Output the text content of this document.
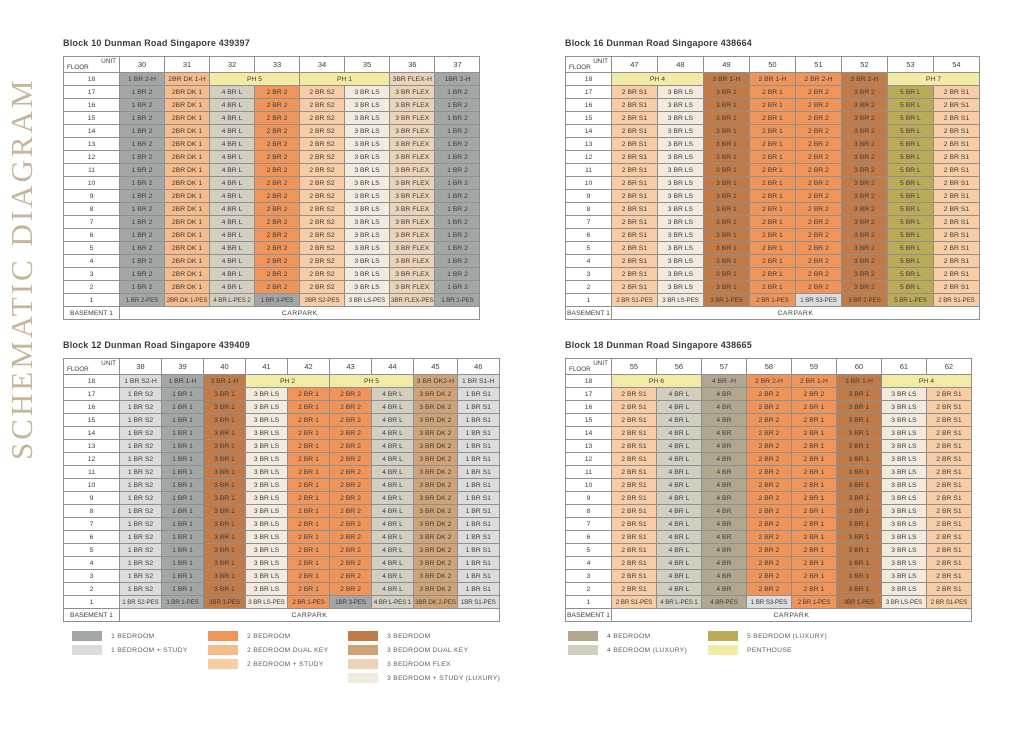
SCHEMATIC DIAGRAM
Block 10 Dunman Road Singapore 439397
UNIT
FLOOR	30	31	32	33	34	35	36	37
18	1 BR 2-H	2BR DK 1-H	PH 5		PH 1		3BR FLEX-H	1BR 2-H
17	1 BR 2	2BR DK 1	4 BR L	2 BR 2	2 BR S2	3 BR LS	3 BR FLEX	1 BR 2
16	1 BR 2	2BR DK 1	4 BR L	2 BR 2	2 BR S2	3 BR LS	3 BR FLEX	1 BR 2
15	1 BR 2	2BR DK 1	4 BR L	2 BR 2	2 BR S2	3 BR LS	3 BR FLEX	1 BR 2
14	1 BR 2	2BR DK 1	4 BR L	2 BR 2	2 BR S2	3 BR LS	3 BR FLEX	1 BR 2
13	1 BR 2	2BR DK 1	4 BR L	2 BR 2	2 BR S2	3 BR LS	3 BR FLEX	1 BR 2
12	1 BR 2	2BR DK 1	4 BR L	2 BR 2	2 BR S2	3 BR LS	3 BR FLEX	1 BR 2
11	1 BR 2	2BR DK 1	4 BR L	2 BR 2	2 BR S2	3 BR LS	3 BR FLEX	1 BR 2
10	1 BR 2	2BR DK 1	4 BR L	2 BR 2	2 BR S2	3 BR LS	3 BR FLEX	1 BR 2
9	1 BR 2	2BR DK 1	4 BR L	2 BR 2	2 BR S2	3 BR LS	3 BR FLEX	1 BR 2
8	1 BR 2	2BR DK 1	4 BR L	2 BR 2	2 BR S2	3 BR LS	3 BR FLEX	1 BR 2
7	1 BR 2	2BR DK 1	4 BR L	2 BR 2	2 BR S2	3 BR LS	3 BR FLEX	1 BR 2
6	1 BR 2	2BR DK 1	4 BR L	2 BR 2	2 BR S2	3 BR LS	3 BR FLEX	1 BR 2
5	1 BR 2	2BR DK 1	4 BR L	2 BR 2	2 BR S2	3 BR LS	3 BR FLEX	1 BR 2
4	1 BR 2	2BR DK 1	4 BR L	2 BR 2	2 BR S2	3 BR LS	3 BR FLEX	1 BR 2
3	1 BR 2	2BR DK 1	4 BR L	2 BR 2	2 BR S2	3 BR LS	3 BR FLEX	1 BR 2
2	1 BR 2	2BR DK 1	4 BR L	2 BR 2	2 BR S2	3 BR LS	3 BR FLEX	1 BR 2
1	1 BR 2-PES	2BR DK 1-PES	4 BR L-PES 2	1 BR 3-PES	2BR S2-PES	3 BR LS-PES	3BR FLEX-PES	1 BR 2-PES
BASEMENT 1	CARPARK							
Block 16 Dunman Road Singapore 438664
UNIT
FLOOR	47	48	49	50	51	52	53	54
18	PH 4		3 BR 1-H	2 BR 1-H	2 BR 2-H	3 BR 2-H	PH 7	
17	2 BR S1	3 BR LS	3 BR 1	2 BR 1	2 BR 2	3 BR 2	5 BR L	2 BR S1
16	2 BR S1	3 BR LS	3 BR 1	2 BR 1	2 BR 2	3 BR 2	5 BR L	2 BR S1
15	2 BR S1	3 BR LS	3 BR 1	2 BR 1	2 BR 2	3 BR 2	5 BR L	2 BR S1
14	2 BR S1	3 BR LS	3 BR 1	2 BR 1	2 BR 2	3 BR 2	5 BR L	2 BR S1
13	2 BR S1	3 BR LS	3 BR 1	2 BR 1	2 BR 2	3 BR 2	5 BR L	2 BR S1
12	2 BR S1	3 BR LS	3 BR 1	2 BR 1	2 BR 2	3 BR 2	5 BR L	2 BR S1
11	2 BR S1	3 BR LS	3 BR 1	2 BR 1	2 BR 2	3 BR 2	5 BR L	2 BR S1
10	2 BR S1	3 BR LS	3 BR 1	2 BR 1	2 BR 2	3 BR 2	5 BR L	2 BR S1
9	2 BR S1	3 BR LS	3 BR 1	2 BR 1	2 BR 2	3 BR 2	5 BR L	2 BR S1
8	2 BR S1	3 BR LS	3 BR 1	2 BR 1	2 BR 2	3 BR 2	5 BR L	2 BR S1
7	2 BR S1	3 BR LS	3 BR 1	2 BR 1	2 BR 2	3 BR 2	5 BR L	2 BR S1
6	2 BR S1	3 BR LS	3 BR 1	2 BR 1	2 BR 2	3 BR 2	5 BR L	2 BR S1
5	2 BR S1	3 BR LS	3 BR 1	2 BR 1	2 BR 2	3 BR 2	5 BR L	2 BR S1
4	2 BR S1	3 BR LS	3 BR 1	2 BR 1	2 BR 2	3 BR 2	5 BR L	2 BR S1
3	2 BR S1	3 BR LS	3 BR 1	2 BR 1	2 BR 2	3 BR 2	5 BR L	2 BR S1
2	2 BR S1	3 BR LS	3 BR 1	2 BR 1	2 BR 2	3 BR 2	5 BR L	2 BR S1
1	2 BR S1-PES	3 BR LS-PES	3 BR 1-PES	2 BR 1-PES	1 BR S3-PES	3 BR 2-PES	5 BR L-PES	2 BR S1-PES
BASEMENT 1	CARPARK							
Block 12 Dunman Road Singapore 439409
UNIT
FLOOR	38	39	40	41	42	43	44	45	46
18	1 BR S2-H	1 BR 1-H	3 BR 1-H	PH 2		PH 5		3 BR DK2-H	1 BR S1-H
17	1 BR S2	1 BR 1	3 BR 1	3 BR LS	2 BR 1	2 BR 2	4 BR L	3 BR DK 2	1 BR S1
16	1 BR S2	1 BR 1	3 BR 1	3 BR LS	2 BR 1	2 BR 2	4 BR L	3 BR DK 2	1 BR S1
15	1 BR S2	1 BR 1	3 BR 1	3 BR LS	2 BR 1	2 BR 2	4 BR L	3 BR DK 2	1 BR S1
14	1 BR S2	1 BR 1	3 BR 1	3 BR LS	2 BR 1	2 BR 2	4 BR L	3 BR DK 2	1 BR S1
13	1 BR S2	1 BR 1	3 BR 1	3 BR LS	2 BR 1	2 BR 2	4 BR L	3 BR DK 2	1 BR S1
12	1 BR S2	1 BR 1	3 BR 1	3 BR LS	2 BR 1	2 BR 2	4 BR L	3 BR DK 2	1 BR S1
11	1 BR S2	1 BR 1	3 BR 1	3 BR LS	2 BR 1	2 BR 2	4 BR L	3 BR DK 2	1 BR S1
10	1 BR S2	1 BR 1	3 BR 1	3 BR LS	2 BR 1	2 BR 2	4 BR L	3 BR DK 2	1 BR S1
9	1 BR S2	1 BR 1	3 BR 1	3 BR LS	2 BR 1	2 BR 2	4 BR L	3 BR DK 2	1 BR S1
8	1 BR S2	1 BR 1	3 BR 1	3 BR LS	2 BR 1	2 BR 2	4 BR L	3 BR DK 2	1 BR S1
7	1 BR S2	1 BR 1	3 BR 1	3 BR LS	2 BR 1	2 BR 2	4 BR L	3 BR DK 2	1 BR S1
6	1 BR S2	1 BR 1	3 BR 1	3 BR LS	2 BR 1	2 BR 2	4 BR L	3 BR DK 2	1 BR S1
5	1 BR S2	1 BR 1	3 BR 1	3 BR LS	2 BR 1	2 BR 2	4 BR L	3 BR DK 2	1 BR S1
4	1 BR S2	1 BR 1	3 BR 1	3 BR LS	2 BR 1	2 BR 2	4 BR L	3 BR DK 2	1 BR S1
3	1 BR S2	1 BR 1	3 BR 1	3 BR LS	2 BR 1	2 BR 2	4 BR L	3 BR DK 2	1 BR S1
2	1 BR S2	1 BR 1	3 BR 1	3 BR LS	2 BR 1	2 BR 2	4 BR L	3 BR DK 2	1 BR S1
1	1 BR S2-PES	1 BR 1-PES	3BR 1-PES	3 BR LS-PES	2 BR 1-PES	1BR 3-PES	4 BR L-PES 1	3BR DK 2-PES	1BR S1-PES
BASEMENT 1	CARPARK								
Block 18 Dunman Road Singapore 438665
UNIT
FLOOR	55	56	57	58	59	60	61	62
18	PH 6		4 BR -H	2 BR 2-H	2 BR 1-H	3 BR 1-H	PH 4	
17	2 BR S1	4 BR L	4 BR	2 BR 2	2 BR 2	3 BR 1	3 BR LS	2 BR S1
16	2 BR S1	4 BR L	4 BR	2 BR 2	2 BR 1	3 BR 1	3 BR LS	2 BR S1
15	2 BR S1	4 BR L	4 BR	2 BR 2	2 BR 1	3 BR 1	3 BR LS	2 BR S1
14	2 BR S1	4 BR L	4 BR	2 BR 2	2 BR 1	3 BR 1	3 BR LS	2 BR S1
13	2 BR S1	4 BR L	4 BR	2 BR 2	2 BR 1	3 BR 1	3 BR LS	2 BR S1
12	2 BR S1	4 BR L	4 BR	2 BR 2	2 BR 1	3 BR 1	3 BR LS	2 BR S1
11	2 BR S1	4 BR L	4 BR	2 BR 2	2 BR 1	3 BR 1	3 BR LS	2 BR S1
10	2 BR S1	4 BR L	4 BR	2 BR 2	2 BR 1	3 BR 1	3 BR LS	2 BR S1
9	2 BR S1	4 BR L	4 BR	2 BR 2	2 BR 1	3 BR 1	3 BR LS	2 BR S1
8	2 BR S1	4 BR L	4 BR	2 BR 2	2 BR 1	3 BR 1	3 BR LS	2 BR S1
7	2 BR S1	4 BR L	4 BR	2 BR 2	2 BR 1	3 BR 1	3 BR LS	2 BR S1
6	2 BR S1	4 BR L	4 BR	2 BR 2	2 BR 1	3 BR 1	3 BR LS	2 BR S1
5	2 BR S1	4 BR L	4 BR	2 BR 2	2 BR 1	3 BR 1	3 BR LS	2 BR S1
4	2 BR S1	4 BR L	4 BR	2 BR 2	2 BR 1	3 BR 1	3 BR LS	2 BR S1
3	2 BR S1	4 BR L	4 BR	2 BR 2	2 BR 1	3 BR 1	3 BR LS	2 BR S1
2	2 BR S1	4 BR L	4 BR	2 BR 2	2 BR 1	3 BR 1	3 BR LS	2 BR S1
1	2 BR S1-PES	4 BR L-PES 1	4 BR-PES	1 BR S3-PES	2 BR 1-PES	3BR 1-PES	3 BR LS-PES	2 BR S1-PES
BASEMENT 1	CARPARK							
1 BEDROOM
1 BEDROOM + STUDY
2 BEDROOM
2 BEDROOM DUAL KEY
2 BEDROOM + STUDY
3 BEDROOM
3 BEDROOM DUAL KEY
3 BEDROOM FLEX
3 BEDROOM + STUDY (LUXURY)
4 BEDROOM
4 BEDROOM (LUXURY)
5 BEDROOM (LUXURY)
PENTHOUSE
